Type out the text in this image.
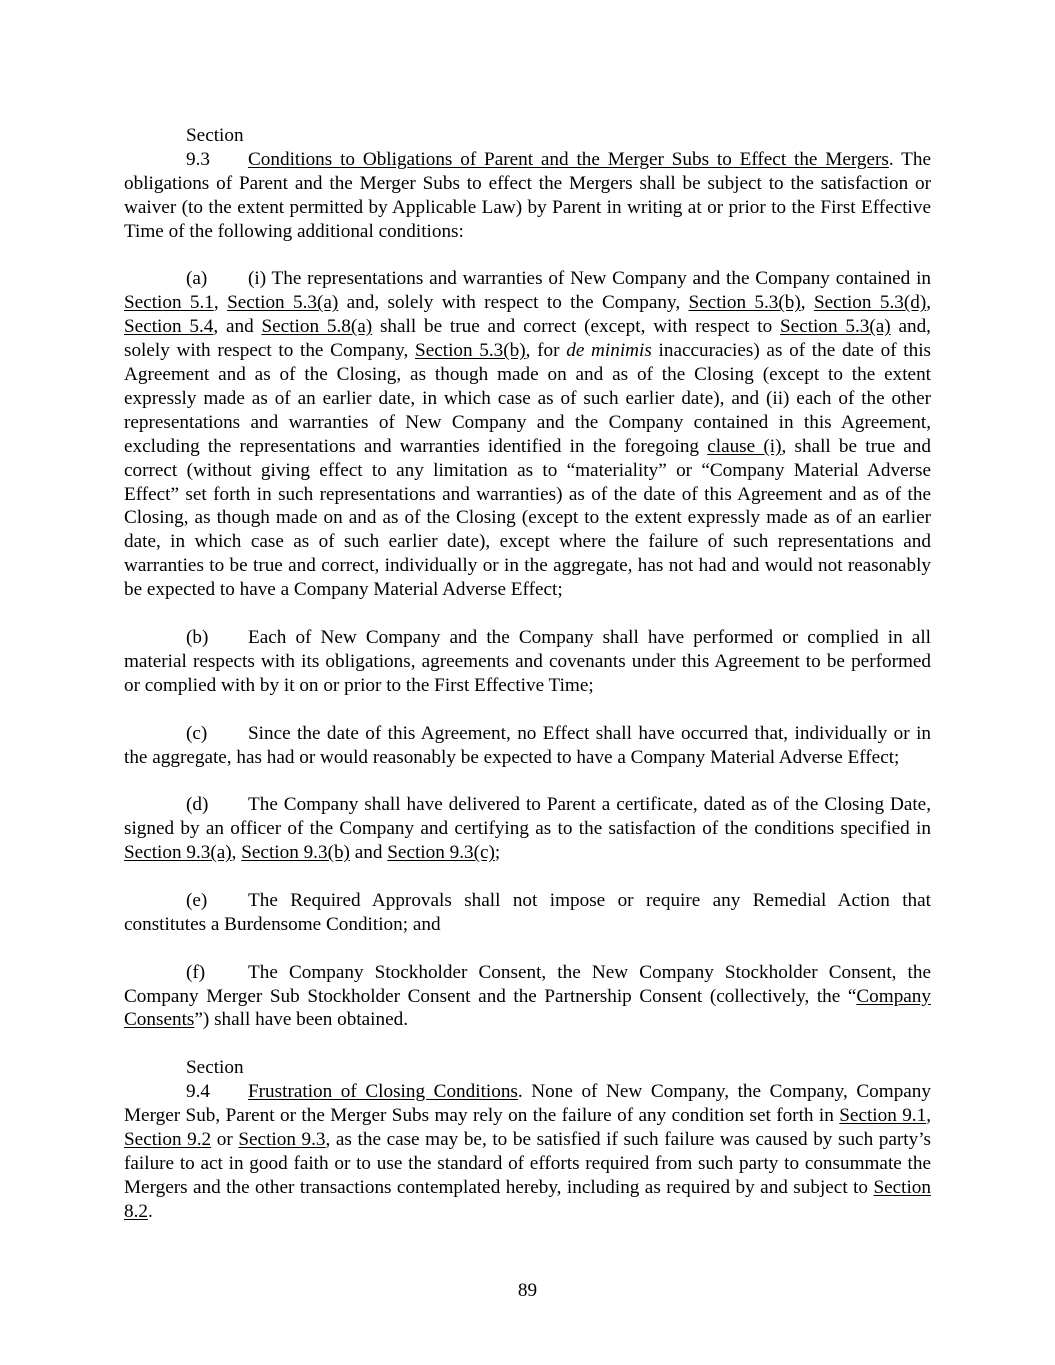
Section 9.3 Conditions to Obligations of Parent and the Merger Subs to Effect the Mergers. The obligations of Parent and the Merger Subs to effect the Mergers shall be subject to the satisfaction or waiver (to the extent permitted by Applicable Law) by Parent in writing at or prior to the First Effective Time of the following additional conditions:

(a) (i) The representations and warranties of New Company and the Company contained in Section 5.1, Section 5.3(a) and, solely with respect to the Company, Section 5.3(b), Section 5.3(d), Section 5.4, and Section 5.8(a) shall be true and correct (except, with respect to Section 5.3(a) and, solely with respect to the Company, Section 5.3(b), for de minimis inaccuracies) as of the date of this Agreement and as of the Closing, as though made on and as of the Closing (except to the extent expressly made as of an earlier date, in which case as of such earlier date), and (ii) each of the other representations and warranties of New Company and the Company contained in this Agreement, excluding the representations and warranties identified in the foregoing clause (i), shall be true and correct (without giving effect to any limitation as to “materiality” or “Company Material Adverse Effect” set forth in such representations and warranties) as of the date of this Agreement and as of the Closing, as though made on and as of the Closing (except to the extent expressly made as of an earlier date, in which case as of such earlier date), except where the failure of such representations and warranties to be true and correct, individually or in the aggregate, has not had and would not reasonably be expected to have a Company Material Adverse Effect;

(b) Each of New Company and the Company shall have performed or complied in all material respects with its obligations, agreements and covenants under this Agreement to be performed or complied with by it on or prior to the First Effective Time;

(c) Since the date of this Agreement, no Effect shall have occurred that, individually or in the aggregate, has had or would reasonably be expected to have a Company Material Adverse Effect;

(d) The Company shall have delivered to Parent a certificate, dated as of the Closing Date, signed by an officer of the Company and certifying as to the satisfaction of the conditions specified in Section 9.3(a), Section 9.3(b) and Section 9.3(c);

(e) The Required Approvals shall not impose or require any Remedial Action that constitutes a Burdensome Condition; and

(f) The Company Stockholder Consent, the New Company Stockholder Consent, the Company Merger Sub Stockholder Consent and the Partnership Consent (collectively, the “Company Consents”) shall have been obtained.

Section 9.4 Frustration of Closing Conditions. None of New Company, the Company, Company Merger Sub, Parent or the Merger Subs may rely on the failure of any condition set forth in Section 9.1, Section 9.2 or Section 9.3, as the case may be, to be satisfied if such failure was caused by such party’s failure to act in good faith or to use the standard of efforts required from such party to consummate the Mergers and the other transactions contemplated hereby, including as required by and subject to Section 8.2.

89
